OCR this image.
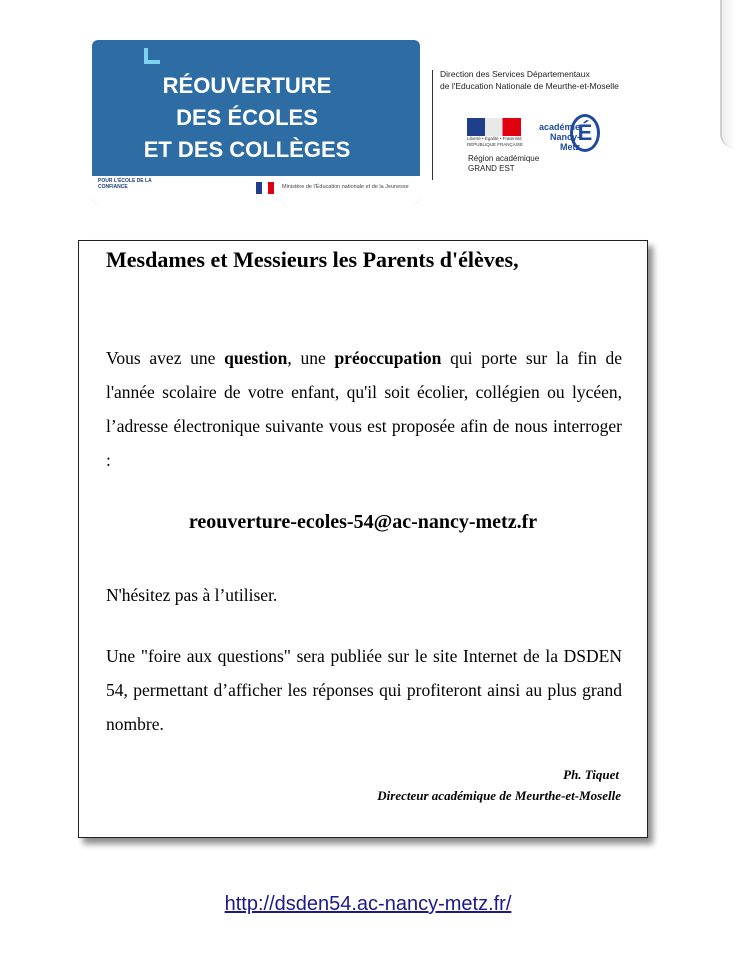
RÉOUVERTURE
DES ÉCOLES
ET DES COLLÈGES
POUR L'ÉCOLE DE LA CONFIANCE	Ministère de l'Éducation nationale et de la Jeunesse
Direction des Services Départementaux
de l'Education Nationale de Meurthe-et-Moselle
Liberté • Égalité • Fraternité
RÉPUBLIQUE FRANÇAISE
académie
Nancy-Metz
É
Région académique
GRAND EST
Mesdames et Messieurs les Parents d'élèves,

Vous avez une question, une préoccupation qui porte sur la fin de l'année scolaire de votre enfant, qu'il soit écolier, collégien ou lycéen, l’adresse électronique suivante vous est proposée afin de nous interroger :

reouverture-ecoles-54@ac-nancy-metz.fr
N'hésitez pas à l’utiliser.

Une "foire aux questions" sera publiée sur le site Internet de la DSDEN 54, permettant d’afficher les réponses qui profiteront ainsi au plus grand nombre.

Ph. Tiquet
Directeur académique de Meurthe-et-Moselle
http://dsden54.ac-nancy-metz.fr/
